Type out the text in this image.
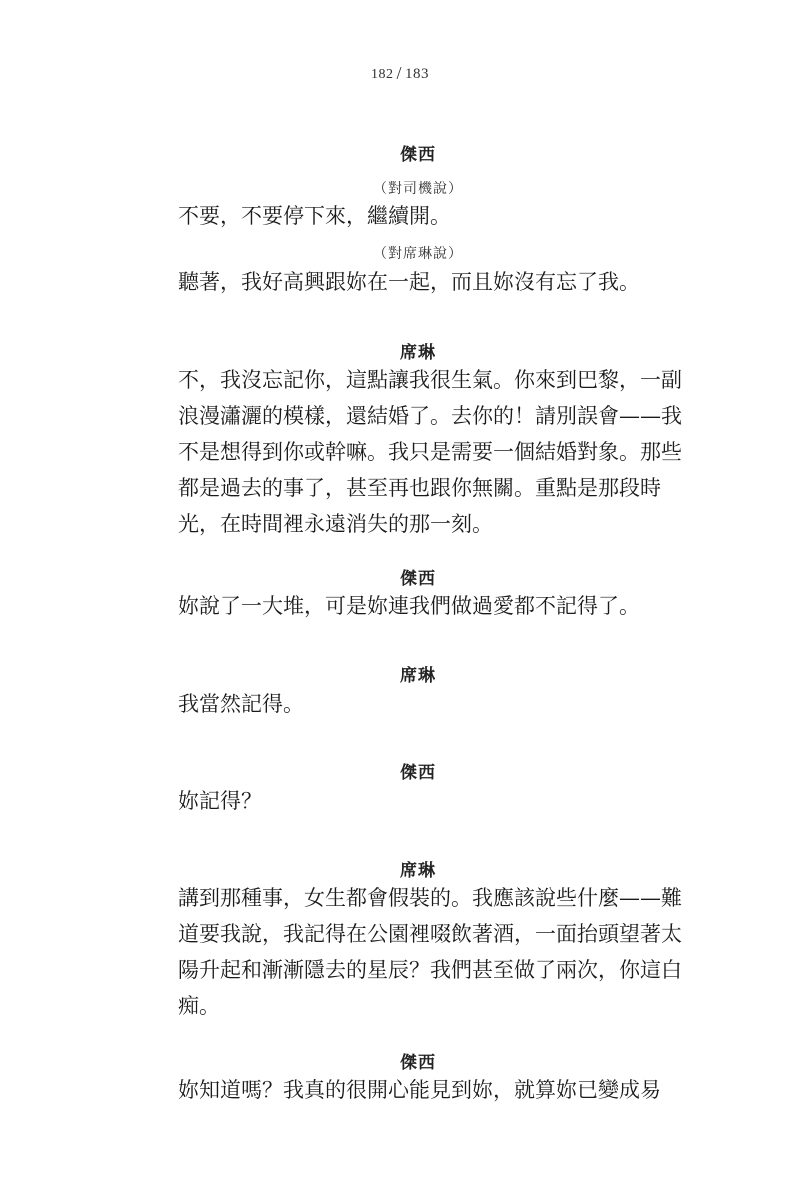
182 / 183
傑西
（對司機說）
不要，不要停下來，繼續開。
（對席琳說）
聽著，我好高興跟妳在一起，而且妳沒有忘了我。
席琳
不，我沒忘記你，這點讓我很生氣。你來到巴黎，一副
浪漫瀟灑的模樣，還結婚了。去你的！請別誤會——我
不是想得到你或幹嘛。我只是需要一個結婚對象。那些
都是過去的事了，甚至再也跟你無關。重點是那段時
光，在時間裡永遠消失的那一刻。
傑西
妳說了一大堆，可是妳連我們做過愛都不記得了。
席琳
我當然記得。
傑西
妳記得？
席琳
講到那種事，女生都會假裝的。我應該說些什麼——難
道要我說，我記得在公園裡啜飲著酒，一面抬頭望著太
陽升起和漸漸隱去的星辰？我們甚至做了兩次，你這白
痴。
傑西
妳知道嗎？我真的很開心能見到妳，就算妳已變成易
